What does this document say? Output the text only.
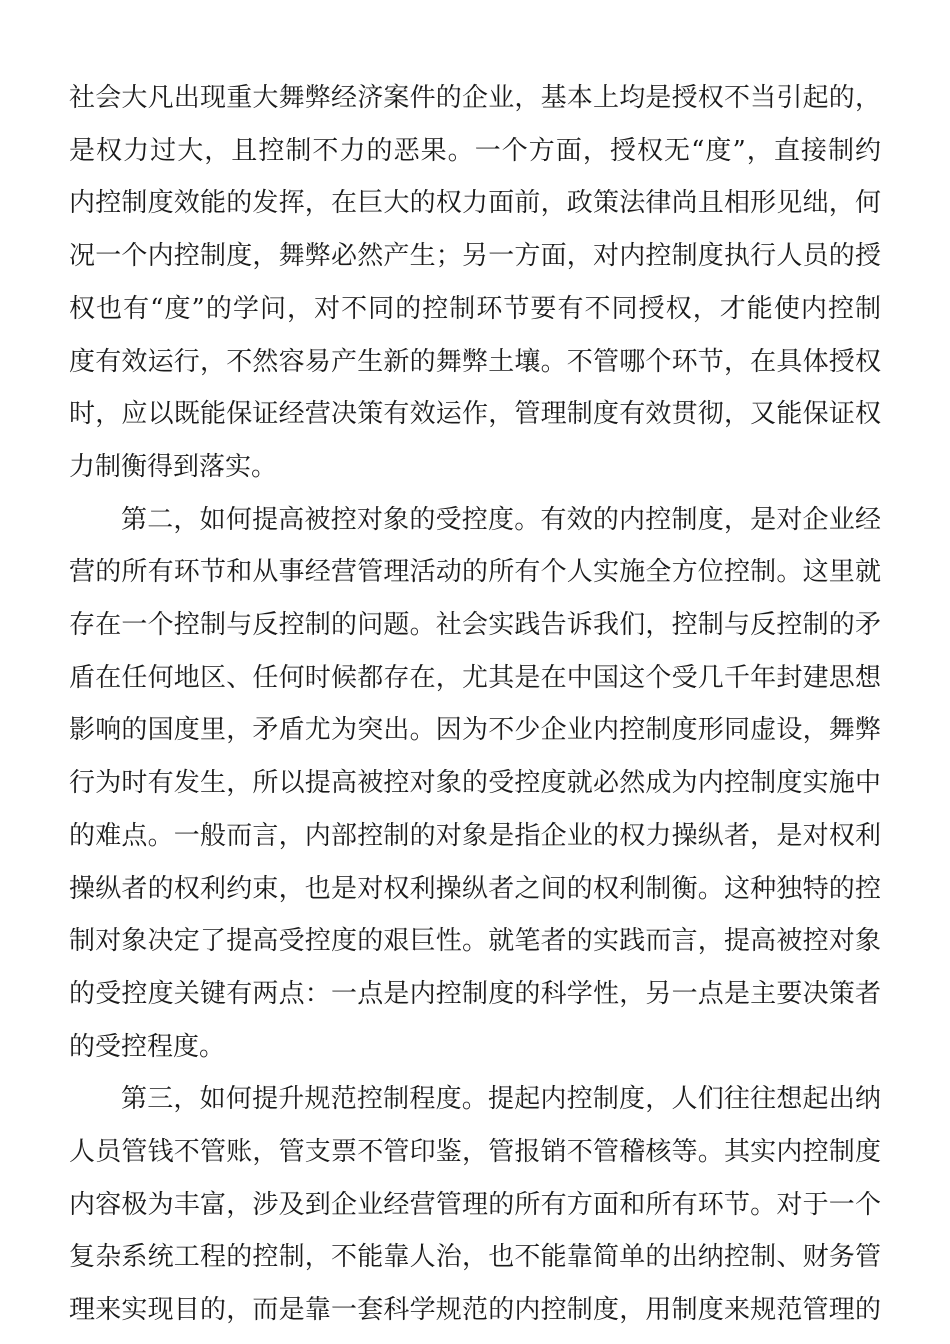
社会大凡出现重大舞弊经济案件的企业，基本上均是授权不当引起的，
是权力过大，且控制不力的恶果。一个方面，授权无“度”，直接制约
内控制度效能的发挥，在巨大的权力面前，政策法律尚且相形见绌，何
况一个内控制度，舞弊必然产生；另一方面，对内控制度执行人员的授
权也有“度”的学问，对不同的控制环节要有不同授权，才能使内控制
度有效运行，不然容易产生新的舞弊土壤。不管哪个环节，在具体授权
时，应以既能保证经营决策有效运作，管理制度有效贯彻，又能保证权
力制衡得到落实。
第二，如何提高被控对象的受控度。有效的内控制度，是对企业经
营的所有环节和从事经营管理活动的所有个人实施全方位控制。这里就
存在一个控制与反控制的问题。社会实践告诉我们，控制与反控制的矛
盾在任何地区、任何时候都存在，尤其是在中国这个受几千年封建思想
影响的国度里，矛盾尤为突出。因为不少企业内控制度形同虚设，舞弊
行为时有发生，所以提高被控对象的受控度就必然成为内控制度实施中
的难点。一般而言，内部控制的对象是指企业的权力操纵者，是对权利
操纵者的权利约束，也是对权利操纵者之间的权利制衡。这种独特的控
制对象决定了提高受控度的艰巨性。就笔者的实践而言，提高被控对象
的受控度关键有两点：一点是内控制度的科学性，另一点是主要决策者
的受控程度。
第三，如何提升规范控制程度。提起内控制度，人们往往想起出纳
人员管钱不管账，管支票不管印鉴，管报销不管稽核等。其实内控制度
内容极为丰富，涉及到企业经营管理的所有方面和所有环节。对于一个
复杂系统工程的控制，不能靠人治，也不能靠简单的出纳控制、财务管
理来实现目的，而是靠一套科学规范的内控制度，用制度来规范管理的
